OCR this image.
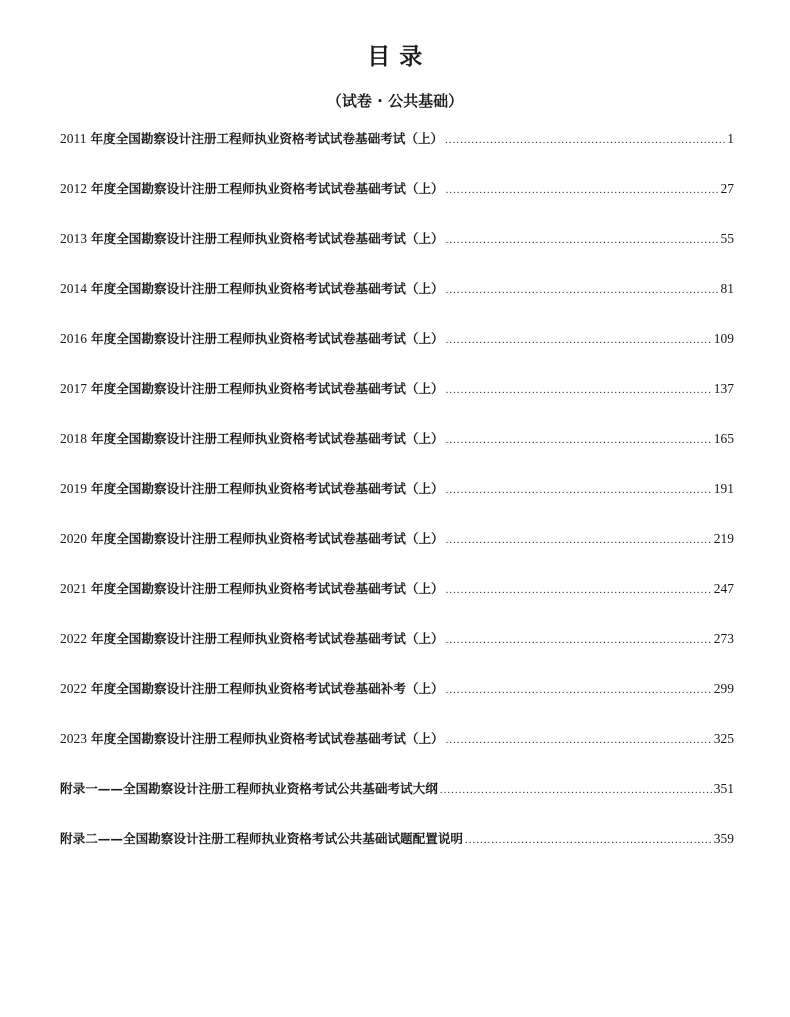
目 录
（试卷 · 公共基础）
2011 年度全国勘察设计注册工程师执业资格考试试卷基础考试（上） .....	1
2012 年度全国勘察设计注册工程师执业资格考试试卷基础考试（上） .....	27
2013 年度全国勘察设计注册工程师执业资格考试试卷基础考试（上） .....	55
2014 年度全国勘察设计注册工程师执业资格考试试卷基础考试（上） .....	81
2016 年度全国勘察设计注册工程师执业资格考试试卷基础考试（上） .....	109
2017 年度全国勘察设计注册工程师执业资格考试试卷基础考试（上） .....	137
2018 年度全国勘察设计注册工程师执业资格考试试卷基础考试（上） .....	165
2019 年度全国勘察设计注册工程师执业资格考试试卷基础考试（上） .....	191
2020 年度全国勘察设计注册工程师执业资格考试试卷基础考试（上） .....	219
2021 年度全国勘察设计注册工程师执业资格考试试卷基础考试（上） .....	247
2022 年度全国勘察设计注册工程师执业资格考试试卷基础考试（上） .....	273
2022 年度全国勘察设计注册工程师执业资格考试试卷基础补考（上） .....	299
2023 年度全国勘察设计注册工程师执业资格考试试卷基础考试（上） .....	325
附录一——全国勘察设计注册工程师执业资格考试公共基础考试大纲 .....	351
附录二——全国勘察设计注册工程师执业资格考试公共基础试题配置说明 .....	359
